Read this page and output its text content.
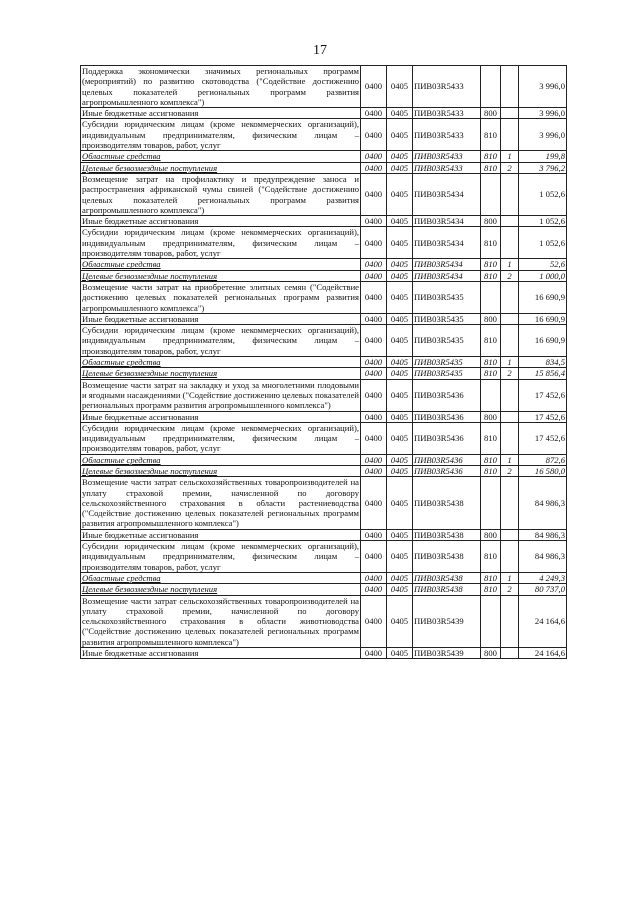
17
Поддержка экономически значимых региональных программ (мероприятий) по развитию скотоводства ("Содействие достижению целевых показателей региональных программ развития агропромышленного комплекса")	0400	0405	ПИВ03R5433			3 996,0
Иные бюджетные ассигнования	0400	0405	ПИВ03R5433	800		3 996,0
Субсидии юридическим лицам (кроме некоммерческих организаций), индивидуальным предпринимателям, физическим лицам – производителям товаров, работ, услуг	0400	0405	ПИВ03R5433	810		3 996,0
Областные средства	0400	0405	ПИВ03R5433	810	1	199,8
Целевые безвозмездные поступления	0400	0405	ПИВ03R5433	810	2	3 796,2
Возмещение затрат на профилактику и предупреждение заноса и распространения африканской чумы свиней ("Содействие достижению целевых показателей региональных программ развития агропромышленного комплекса")	0400	0405	ПИВ03R5434			1 052,6
Иные бюджетные ассигнования	0400	0405	ПИВ03R5434	800		1 052,6
Субсидии юридическим лицам (кроме некоммерческих организаций), индивидуальным предпринимателям, физическим лицам – производителям товаров, работ, услуг	0400	0405	ПИВ03R5434	810		1 052,6
Областные средства	0400	0405	ПИВ03R5434	810	1	52,6
Целевые безвозмездные поступления	0400	0405	ПИВ03R5434	810	2	1 000,0
Возмещение части затрат на приобретение элитных семян ("Содействие достижению целевых показателей региональных программ развития агропромышленного комплекса")	0400	0405	ПИВ03R5435			16 690,9
Иные бюджетные ассигнования	0400	0405	ПИВ03R5435	800		16 690,9
Субсидии юридическим лицам (кроме некоммерческих организаций), индивидуальным предпринимателям, физическим лицам – производителям товаров, работ, услуг	0400	0405	ПИВ03R5435	810		16 690,9
Областные средства	0400	0405	ПИВ03R5435	810	1	834,5
Целевые безвозмездные поступления	0400	0405	ПИВ03R5435	810	2	15 856,4
Возмещение части затрат на закладку и уход за многолетними плодовыми и ягодными насаждениями ("Содействие достижению целевых показателей региональных программ развития агропромышленного комплекса")	0400	0405	ПИВ03R5436			17 452,6
Иные бюджетные ассигнования	0400	0405	ПИВ03R5436	800		17 452,6
Субсидии юридическим лицам (кроме некоммерческих организаций), индивидуальным предпринимателям, физическим лицам – производителям товаров, работ, услуг	0400	0405	ПИВ03R5436	810		17 452,6
Областные средства	0400	0405	ПИВ03R5436	810	1	872,6
Целевые безвозмездные поступления	0400	0405	ПИВ03R5436	810	2	16 580,0
Возмещение части затрат сельскохозяйственных товаропроизводителей на уплату страховой премии, начисленной по договору сельскохозяйственного страхования в области растениеводства ("Содействие достижению целевых показателей региональных программ развития агропромышленного комплекса")	0400	0405	ПИВ03R5438			84 986,3
Иные бюджетные ассигнования	0400	0405	ПИВ03R5438	800		84 986,3
Субсидии юридическим лицам (кроме некоммерческих организаций), индивидуальным предпринимателям, физическим лицам – производителям товаров, работ, услуг	0400	0405	ПИВ03R5438	810		84 986,3
Областные средства	0400	0405	ПИВ03R5438	810	1	4 249,3
Целевые безвозмездные поступления	0400	0405	ПИВ03R5438	810	2	80 737,0
Возмещение части затрат сельскохозяйственных товаропроизводителей на уплату страховой премии, начисленной по договору сельскохозяйственного страхования в области животноводства ("Содействие достижению целевых показателей региональных программ развития агропромышленного комплекса")	0400	0405	ПИВ03R5439			24 164,6
Иные бюджетные ассигнования	0400	0405	ПИВ03R5439	800		24 164,6
